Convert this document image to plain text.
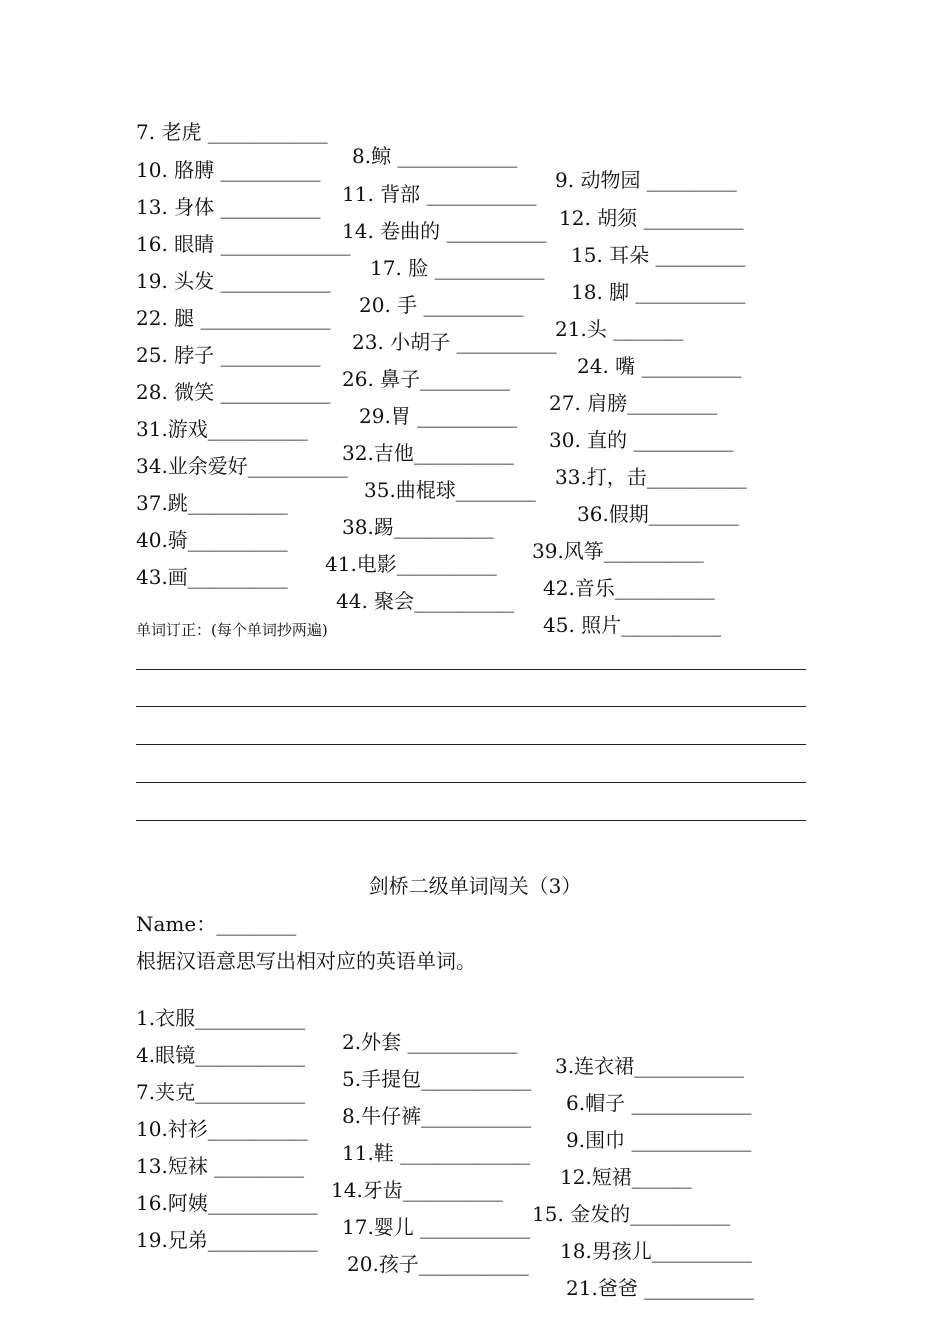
7. 老虎 ____________

8.鲸 ____________

9. 动物园 _________

10. 胳膊 __________

11. 背部 ___________

12. 胡须 __________

13. 身体 __________

14. 卷曲的 __________

15. 耳朵 _________

16. 眼睛 _____________

17. 脸 ___________

18. 脚 ___________

19. 头发 ___________

20. 手 __________

21.头 _______

22. 腿 _____________

23. 小胡子 __________

24. 嘴 __________

25. 脖子 __________

26. 鼻子_________

27. 肩膀_________

28. 微笑 ___________

29.胃 __________

30. 直的 __________

31.游戏__________

32.吉他__________

33.打，击__________

34.业余爱好__________

35.曲棍球________

36.假期_________

37.跳__________

38.踢__________

39.风筝__________

40.骑__________

41.电影__________

42.音乐__________

43.画__________

44. 聚会__________

45. 照片__________

单词订正：(每个单词抄两遍)
剑桥二级单词闯关（3）
Name：________
根据汉语意思写出相对应的英语单词。

1.衣服___________

2.外套 ___________

3.连衣裙___________

4.眼镜___________

5.手提包___________

6.帽子 ____________

7.夹克___________

8.牛仔裤___________

9.围巾 ____________

10.衬衫__________

11.鞋 _____________

12.短裙______

13.短袜 _________

14.牙齿__________

15. 金发的__________

16.阿姨___________

17.婴儿 ___________

18.男孩儿__________

19.兄弟___________

20.孩子___________

21.爸爸 ___________
